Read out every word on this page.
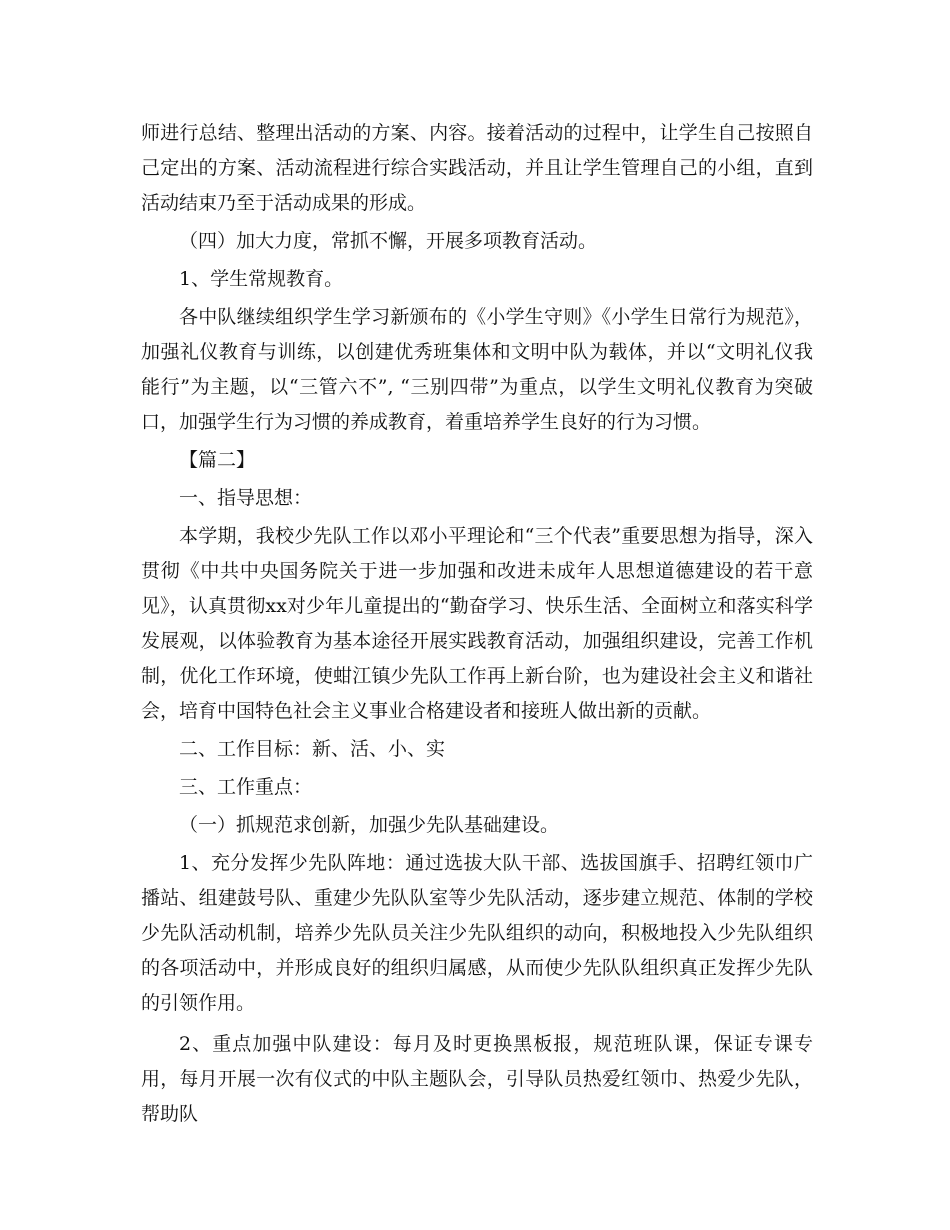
师进行总结、整理出活动的方案、内容。接着活动的过程中，让学生自己按照自己定出的方案、活动流程进行综合实践活动，并且让学生管理自己的小组，直到活动结束乃至于活动成果的形成。

（四）加大力度，常抓不懈，开展多项教育活动。

1、学生常规教育。

各中队继续组织学生学习新颁布的《小学生守则》《小学生日常行为规范》，加强礼仪教育与训练，以创建优秀班集体和文明中队为载体，并以“文明礼仪我能行”为主题，以“三管六不”, “三别四带”为重点，以学生文明礼仪教育为突破口，加强学生行为习惯的养成教育，着重培养学生良好的行为习惯。

【篇二】

一、指导思想：

本学期，我校少先队工作以邓小平理论和“三个代表”重要思想为指导，深入贯彻《中共中央国务院关于进一步加强和改进未成年人思想道德建设的若干意见》，认真贯彻xx对少年儿童提出的“勤奋学习、快乐生活、全面树立和落实科学发展观，以体验教育为基本途径开展实践教育活动，加强组织建设，完善工作机制，优化工作环境，使蚶江镇少先队工作再上新台阶，也为建设社会主义和谐社会，培育中国特色社会主义事业合格建设者和接班人做出新的贡献。

二、工作目标：新、活、小、实

三、工作重点：

（一）抓规范求创新，加强少先队基础建设。

1、充分发挥少先队阵地：通过选拔大队干部、选拔国旗手、招聘红领巾广播站、组建鼓号队、重建少先队队室等少先队活动，逐步建立规范、体制的学校少先队活动机制，培养少先队员关注少先队组织的动向，积极地投入少先队组织的各项活动中，并形成良好的组织归属感，从而使少先队队组织真正发挥少先队的引领作用。

2、重点加强中队建设：每月及时更换黑板报，规范班队课，保证专课专用，每月开展一次有仪式的中队主题队会，引导队员热爱红领巾、热爱少先队，帮助队
